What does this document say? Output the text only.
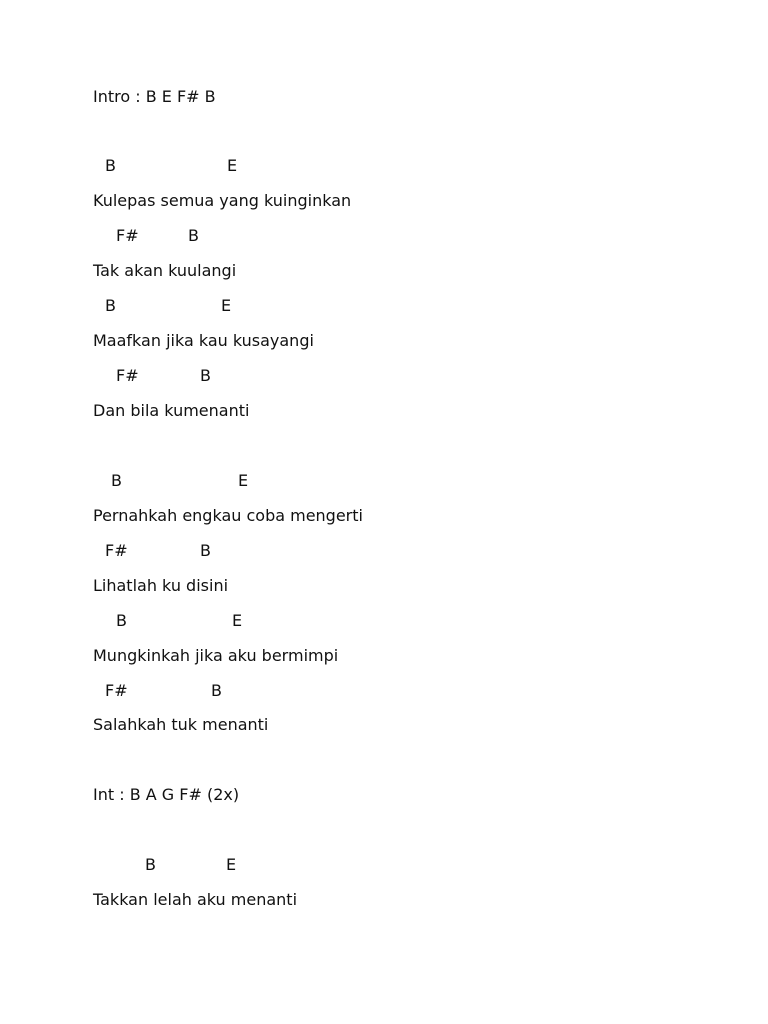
Intro : B E F# B
B	E
Kulepas semua yang kuinginkan
F#	B
Tak akan kuulangi
B	E
Maafkan jika kau kusayangi
F#	B
Dan bila kumenanti
B	E
Pernahkah engkau coba mengerti
F#	B
Lihatlah ku disini
B	E
Mungkinkah jika aku bermimpi
F#	B
Salahkah tuk menanti
Int : B A G F# (2x)
B	E
Takkan lelah aku menanti
